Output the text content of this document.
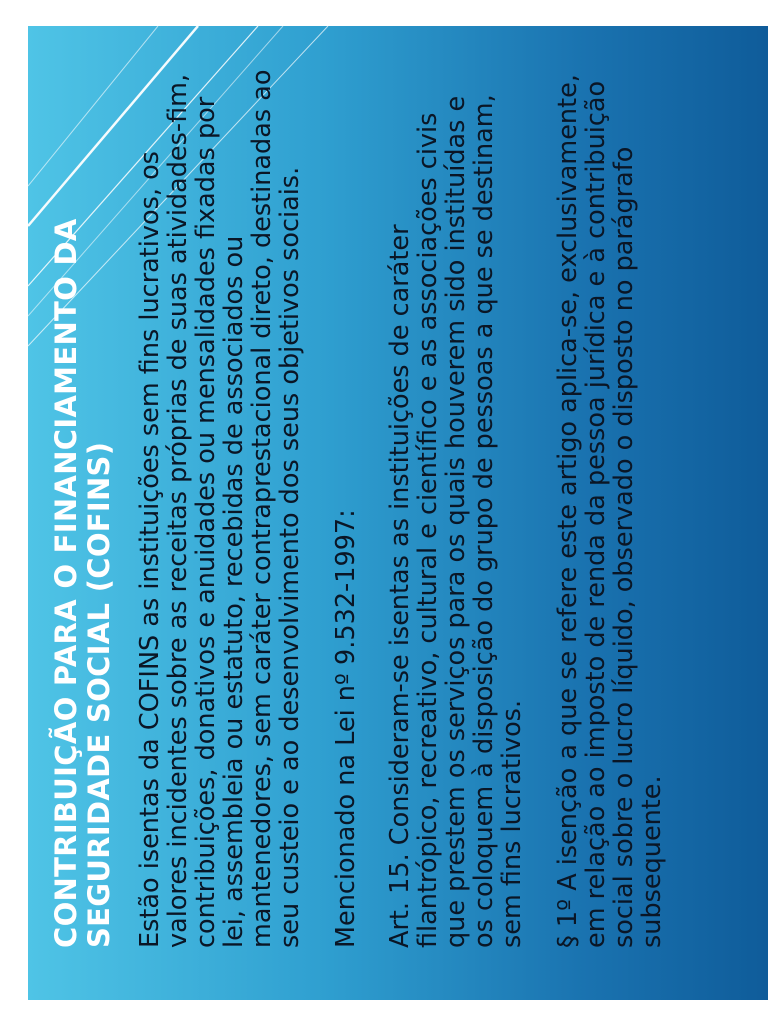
CONTRIBUIÇÃO PARA O FINANCIAMENTO DA SEGURIDADE SOCIAL (COFINS) Estão isentas da COFINS as instituições sem fins lucrativos, os valores incidentes sobre as receitas próprias de suas atividades-fim, contribuições, donativos e anuidades ou mensalidades fixadas por lei, assembleia ou estatuto, recebidas de associados ou mantenedores, sem caráter contraprestacional direto, destinadas ao seu custeio e ao desenvolvimento dos seus objetivos sociais. Mencionado na Lei nº 9.532-1997: Art. 15. Consideram-se isentas as instituições de caráter filantrópico, recreativo, cultural e científico e as associações civis que prestem os serviços para os quais houverem sido instituídas e os coloquem à disposição do grupo de pessoas a que se destinam, sem fins lucrativos. § 1º A isenção a que se refere este artigo aplica-se, exclusivamente, em relação ao imposto de renda da pessoa jurídica e à contribuição social sobre o lucro líquido, observado o disposto no parágrafo subsequente.
